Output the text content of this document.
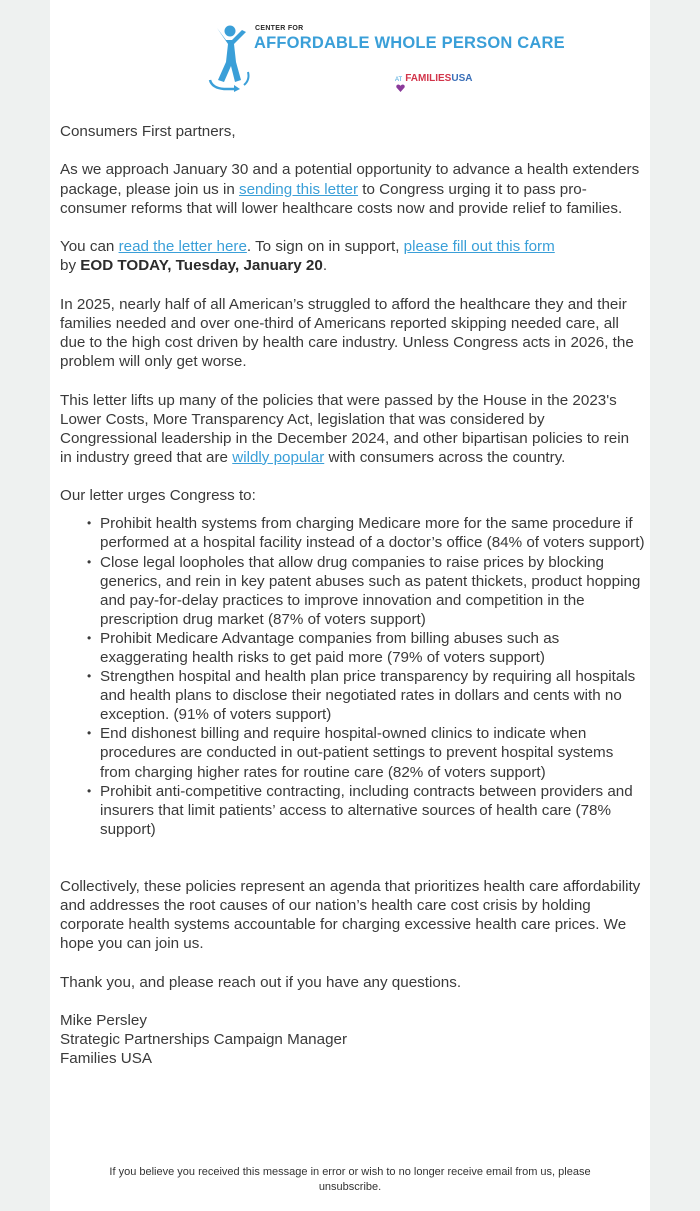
CENTER FOR
AFFORDABLE WHOLE PERSON CARE
AT FAMILIESUSA

Consumers First partners,

As we approach January 30 and a potential opportunity to advance a health extenders package, please join us in sending this letter to Congress urging it to pass pro-consumer reforms that will lower healthcare costs now and provide relief to families.

You can read the letter here. To sign on in support, please fill out this form
by EOD TODAY, Tuesday, January 20.

In 2025, nearly half of all American’s struggled to afford the healthcare they and their families needed and over one-third of Americans reported skipping needed care, all due to the high cost driven by health care industry. Unless Congress acts in 2026, the problem will only get worse.

This letter lifts up many of the policies that were passed by the House in the 2023's Lower Costs, More Transparency Act, legislation that was considered by Congressional leadership in the December 2024, and other bipartisan policies to rein in industry greed that are wildly popular with consumers across the country.

Our letter urges Congress to:

• Prohibit health systems from charging Medicare more for the same procedure if performed at a hospital facility instead of a doctor’s office (84% of voters support)
• Close legal loopholes that allow drug companies to raise prices by blocking generics, and rein in key patent abuses such as patent thickets, product hopping and pay-for-delay practices to improve innovation and competition in the prescription drug market (87% of voters support)
• Prohibit Medicare Advantage companies from billing abuses such as exaggerating health risks to get paid more (79% of voters support)
• Strengthen hospital and health plan price transparency by requiring all hospitals and health plans to disclose their negotiated rates in dollars and cents with no exception. (91% of voters support)
• End dishonest billing and require hospital-owned clinics to indicate when procedures are conducted in out-patient settings to prevent hospital systems from charging higher rates for routine care (82% of voters support)
• Prohibit anti-competitive contracting, including contracts between providers and insurers that limit patients’ access to alternative sources of health care (78% support)

Collectively, these policies represent an agenda that prioritizes health care affordability and addresses the root causes of our nation’s health care cost crisis by holding corporate health systems accountable for charging excessive health care prices. We hope you can join us.

Thank you, and please reach out if you have any questions.

Mike Persley
Strategic Partnerships Campaign Manager
Families USA
If you believe you received this message in error or wish to no longer receive email from us, please unsubscribe.
